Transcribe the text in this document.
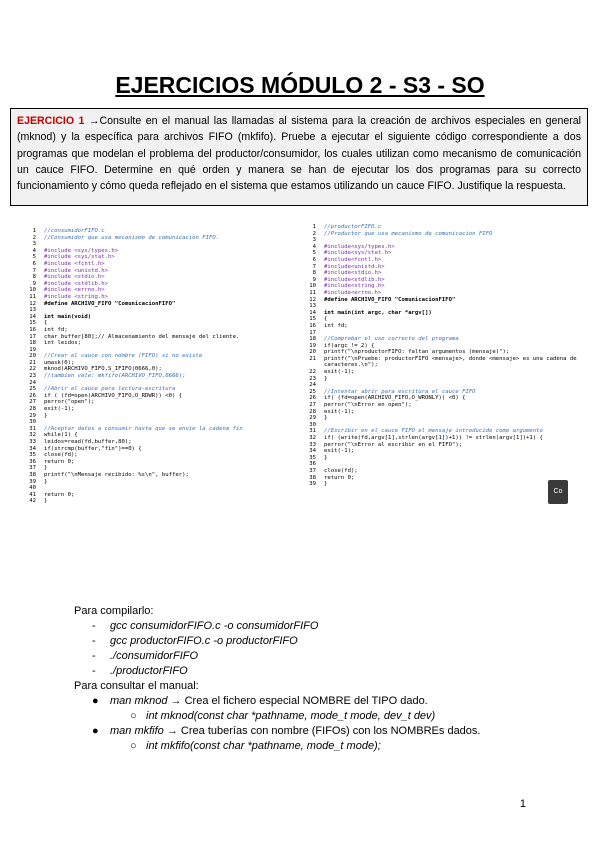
EJERCICIOS MÓDULO 2 - S3 - SO
EJERCICIO 1 →Consulte en el manual las llamadas al sistema para la creación de archivos especiales en general (mknod) y la específica para archivos FIFO (mkfifo). Pruebe a ejecutar el siguiente código correspondiente a dos programas que modelan el problema del productor/consumidor, los cuales utilizan como mecanismo de comunicación un cauce FIFO. Determine en qué orden y manera se han de ejecutar los dos programas para su correcto funcionamiento y cómo queda reflejado en el sistema que estamos utilizando un cauce FIFO. Justifique la respuesta.
1 //consumidorFIFO.c
2 //Consumidor que usa mecanismo de comunicacion FIFO.
3
4 #include <sys/types.h>
5 #include <sys/stat.h>
6 #include <fcntl.h>
7 #include <unistd.h>
8 #include <stdio.h>
9 #include <stdlib.h>
10 #include <errno.h>
11 #include <string.h>
12 #define ARCHIVO_FIFO "ComunicacionFIFO"
13
14 int main(void)
15 {
16 int fd;
17 char buffer[80];// Almacenamiento del mensaje del cliente.
18 int leidos;
19
20 //Crear el cauce con nombre (FIFO) si no existe
21 umask(0);
22 mknod(ARCHIVO_FIFO,S_IFIFO|0666,0);
23 //tambien vale: mkfifo(ARCHIVO_FIFO,0666);
24
25 //Abrir el cauce para lectura-escritura
26 if ( (fd=open(ARCHIVO_FIFO,O_RDWR)) <0) {
27 perror("open");
28 exit(-1);
29 }
30
31 //Aceptar datos a consumir hasta que se envie la cadena fin
32 while(1) {
33 leidos=read(fd,buffer,80);
34 if(strcmp(buffer,"fin")==0) {
35 close(fd);
36 return 0;
37 }
38 printf("\nMensaje recibido: %s\n", buffer);
39 }
40
41 return 0;
42 }
1 //productorFIFO.c
2 //Productor que usa mecanismo de comunicacion FIFO
3
4 #include<sys/types.h>
5 #include<sys/stat.h>
6 #include<fcntl.h>
7 #include<unistd.h>
8 #include<stdio.h>
9 #include<stdlib.h>
10 #include<string.h>
11 #include<errno.h>
12 #define ARCHIVO_FIFO "ComunicacionFIFO"
13
14 int main(int argc, char *argv[])
15 {
16 int fd;
17
18 //Comprobar el uso correcto del programa
19 if(argc != 2) {
20 printf("\nproductorFIFO: faltan argumentos (mensaje)");
21 printf("\nPruebe: productorFIFO <mensaje>, donde <mensaje> es una cadena de
caracteres.\n");
22 exit(-1);
23 }
24
25 //Intentar abrir para escritura el cauce FIFO
26 if( (fd=open(ARCHIVO_FIFO,O_WRONLY)) <0) {
27 perror("\nError en open");
28 exit(-1);
29 }
30
31 //Escribir en el cauce FIFO el mensaje introducido como argumento
32 if( (write(fd,argv[1],strlen(argv[1])+1)) != strlen(argv[1])+1) {
33 perror("\nError al escribir en el FIFO");
34 exit(-1);
35 }
36
37 close(fd);
38 return 0;
39 }
Co
Para compilarlo:
- gcc consumidorFIFO.c -o consumidorFIFO
- gcc productorFIFO.c -o productorFIFO
- ./consumidorFIFO
- ./productorFIFO
Para consultar el manual:
● man mknod → Crea el fichero especial NOMBRE del TIPO dado.
○ int mknod(const char *pathname, mode_t mode, dev_t dev)
● man mkfifo → Crea tuberías con nombre (FIFOs) con los NOMBREs dados.
○ int mkfifo(const char *pathname, mode_t mode);
1
